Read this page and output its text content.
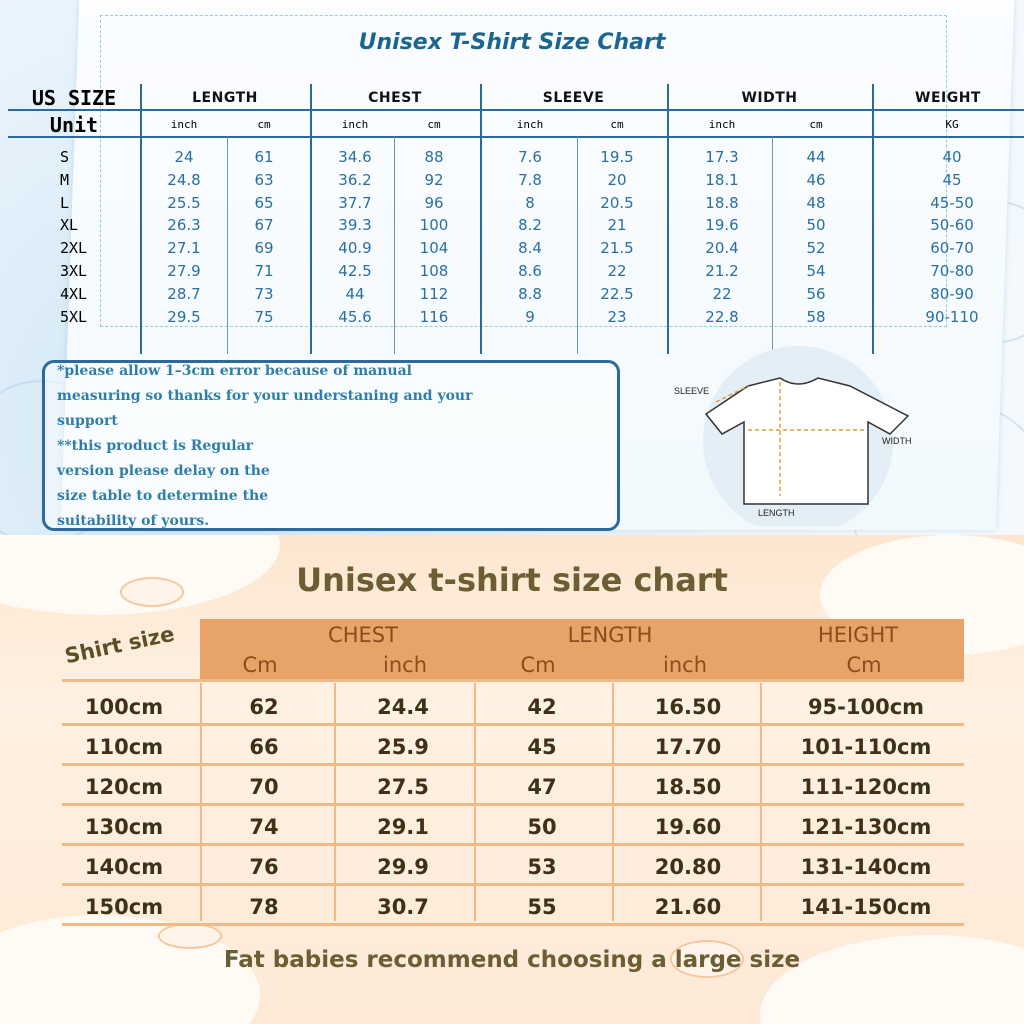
Unisex T-Shirt Size Chart
US SIZE
Unit
LENGTH	CHEST	SLEEVE	WIDTH	WEIGHT
inch	cm	inch	cm	inch	cm	inch	cm	KG
S	24	61	34.6	88	7.6	19.5	17.3	44	40
M	24.8	63	36.2	92	7.8	20	18.1	46	45
L	25.5	65	37.7	96	8	20.5	18.8	48	45-50
XL	26.3	67	39.3	100	8.2	21	19.6	50	50-60
2XL	27.1	69	40.9	104	8.4	21.5	20.4	52	60-70
3XL	27.9	71	42.5	108	8.6	22	21.2	54	70-80
4XL	28.7	73	44	112	8.8	22.5	22	56	80-90
5XL	29.5	75	45.6	116	9	23	22.8	58	90-110
*please allow 1–3cm error because of manual
measuring so thanks for your understaning and your
support
**this product is Regular
version please delay on the
size table to determine the
suitability of yours.
SLEEVE
WIDTH
LENGTH
Unisex t-shirt size chart
Shirt size	CHEST	LENGTH	HEIGHT
Cm	inch	Cm	inch	Cm
100cm	62	24.4	42	16.50	95-100cm
110cm	66	25.9	45	17.70	101-110cm
120cm	70	27.5	47	18.50	111-120cm
130cm	74	29.1	50	19.60	121-130cm
140cm	76	29.9	53	20.80	131-140cm
150cm	78	30.7	55	21.60	141-150cm
Fat babies recommend choosing a large size
